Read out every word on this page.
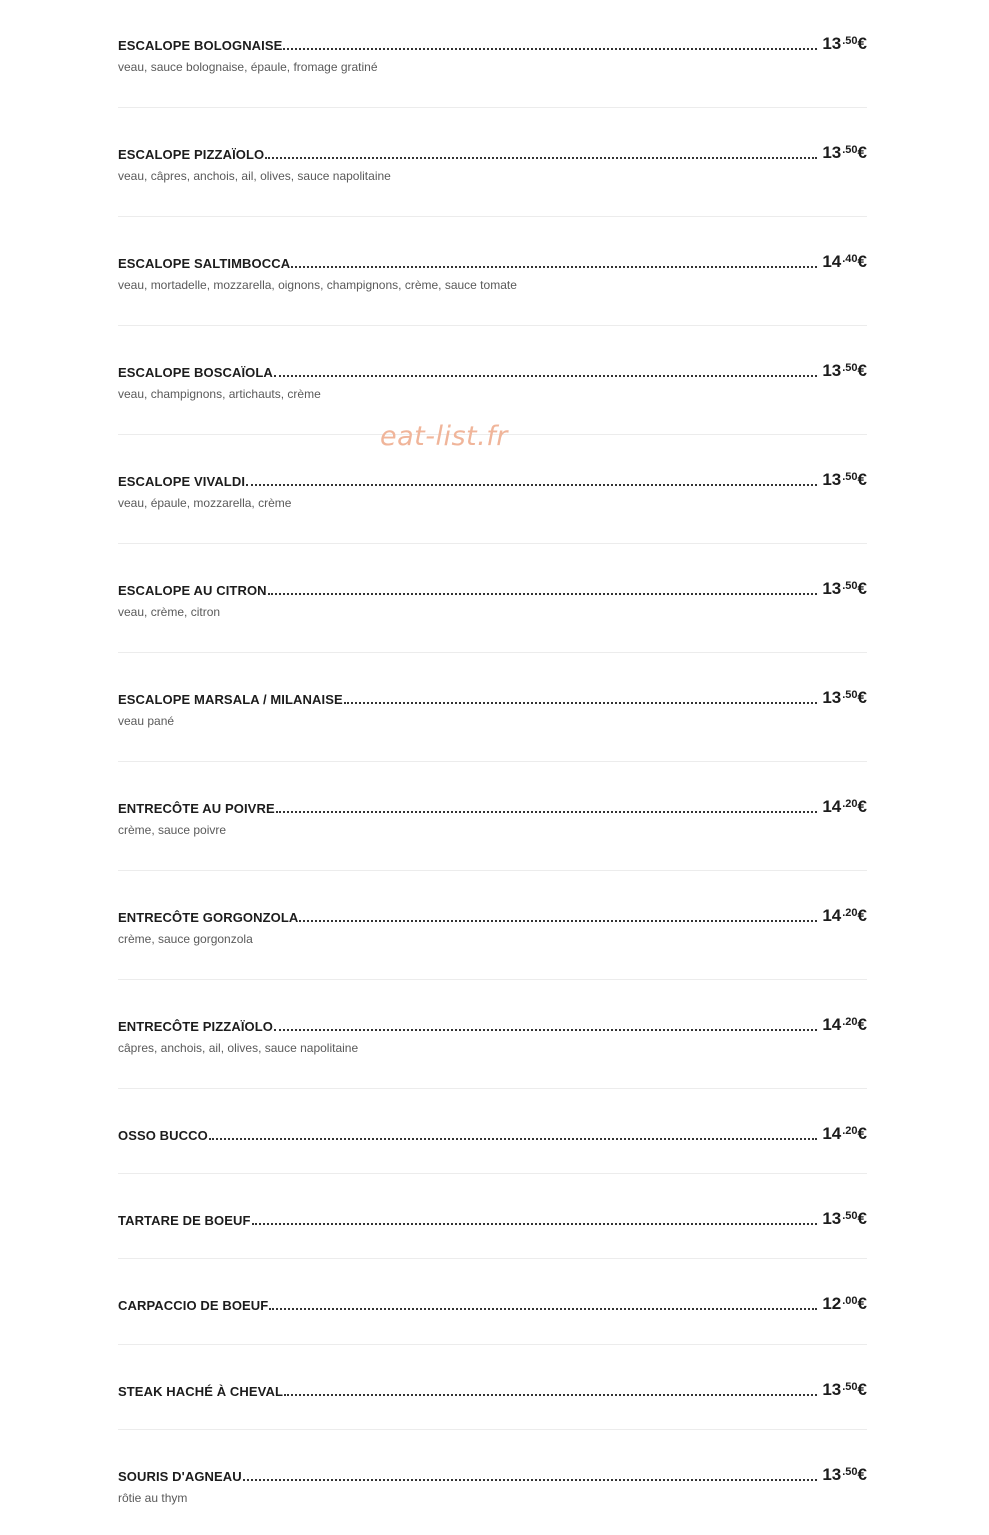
ESCALOPE BOLOGNAISE	$13^{.50}€$
veau, sauce bolognaise, épaule, fromage gratiné
ESCALOPE PIZZAÏOLO	$13^{.50}€$
veau, câpres, anchois, ail, olives, sauce napolitaine
ESCALOPE SALTIMBOCCA	$14^{.40}€$
veau, mortadelle, mozzarella, oignons, champignons, crème, sauce tomate
ESCALOPE BOSCAÏOLA	$13^{.50}€$
veau, champignons, artichauts, crème
ESCALOPE VIVALDI	$13^{.50}€$
veau, épaule, mozzarella, crème
ESCALOPE AU CITRON	$13^{.50}€$
veau, crème, citron
ESCALOPE MARSALA / MILANAISE	$13^{.50}€$
veau pané
ENTRECÔTE AU POIVRE	$14^{.20}€$
crème, sauce poivre
ENTRECÔTE GORGONZOLA	$14^{.20}€$
crème, sauce gorgonzola
ENTRECÔTE PIZZAÏOLO	$14^{.20}€$
câpres, anchois, ail, olives, sauce napolitaine
OSSO BUCCO	$14^{.20}€$
TARTARE DE BOEUF	$13^{.50}€$
CARPACCIO DE BOEUF	$12^{.00}€$
STEAK HACHÉ À CHEVAL	$13^{.50}€$
SOURIS D'AGNEAU	$13^{.50}€$
rôtie au thym
eat-list.fr
